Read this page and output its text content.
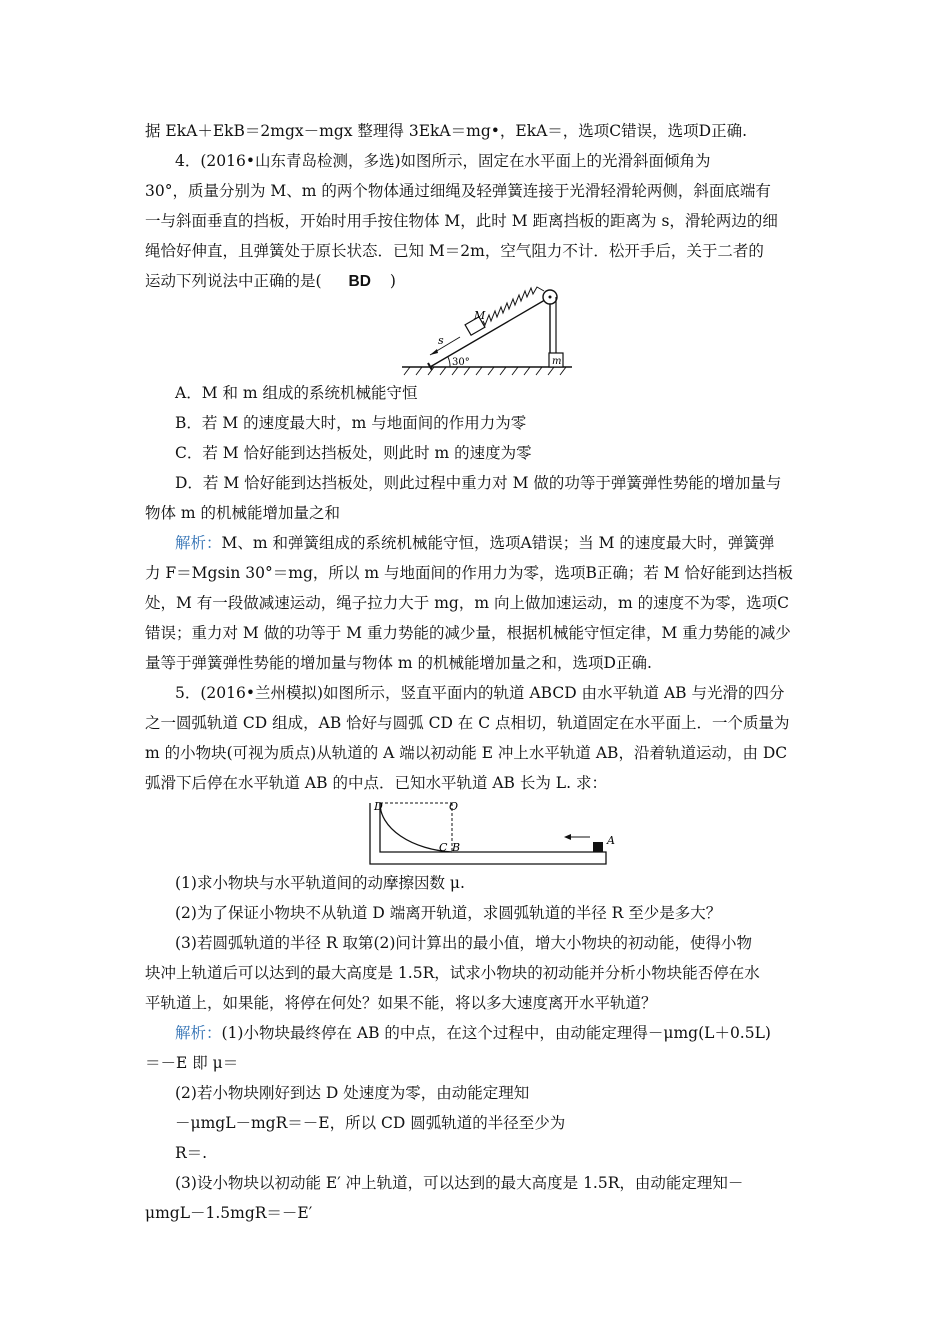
据 EkA＋EkB＝2mgx－mgx 整理得 3EkA＝mg•，EkA＝，选项C错误，选项D正确.
4．(2016•山东青岛检测，多选)如图所示，固定在水平面上的光滑斜面倾角为
30°，质量分别为 M、m 的两个物体通过细绳及轻弹簧连接于光滑轻滑轮两侧，斜面底端有
一与斜面垂直的挡板，开始时用手按住物体 M，此时 M 距离挡板的距离为 s，滑轮两边的细
绳恰好伸直，且弹簧处于原长状态．已知 M＝2m，空气阻力不计．松开手后，关于二者的
运动下列说法中正确的是( BD )
M
s
m
30°
A．M 和 m 组成的系统机械能守恒
B．若 M 的速度最大时，m 与地面间的作用力为零
C．若 M 恰好能到达挡板处，则此时 m 的速度为零
D．若 M 恰好能到达挡板处，则此过程中重力对 M 做的功等于弹簧弹性势能的增加量与
物体 m 的机械能增加量之和
解析：M、m 和弹簧组成的系统机械能守恒，选项A错误；当 M 的速度最大时，弹簧弹
力 F＝Mgsin 30°＝mg，所以 m 与地面间的作用力为零，选项B正确；若 M 恰好能到达挡板
处，M 有一段做减速运动，绳子拉力大于 mg，m 向上做加速运动，m 的速度不为零，选项C
错误；重力对 M 做的功等于 M 重力势能的减少量，根据机械能守恒定律，M 重力势能的减少
量等于弹簧弹性势能的增加量与物体 m 的机械能增加量之和，选项D正确.
5．(2016•兰州模拟)如图所示，竖直平面内的轨道 ABCD 由水平轨道 AB 与光滑的四分
之一圆弧轨道 CD 组成，AB 恰好与圆弧 CD 在 C 点相切，轨道固定在水平面上．一个质量为
m 的小物块(可视为质点)从轨道的 A 端以初动能 E 冲上水平轨道 AB，沿着轨道运动，由 DC
弧滑下后停在水平轨道 AB 的中点．已知水平轨道 AB 长为 L. 求：
D	O
C B
A
(1)求小物块与水平轨道间的动摩擦因数 μ.
(2)为了保证小物块不从轨道 D 端离开轨道，求圆弧轨道的半径 R 至少是多大？
(3)若圆弧轨道的半径 R 取第(2)问计算出的最小值，增大小物块的初动能，使得小物
块冲上轨道后可以达到的最大高度是 1.5R，试求小物块的初动能并分析小物块能否停在水
平轨道上，如果能，将停在何处？如果不能，将以多大速度离开水平轨道？
解析：(1)小物块最终停在 AB 的中点，在这个过程中，由动能定理得－μmg(L＋0.5L)
＝－E 即 μ＝
(2)若小物块刚好到达 D 处速度为零，由动能定理知
－μmgL－mgR＝－E，所以 CD 圆弧轨道的半径至少为
R＝.
(3)设小物块以初动能 E′ 冲上轨道，可以达到的最大高度是 1.5R，由动能定理知－
μmgL－1.5mgR＝－E′
